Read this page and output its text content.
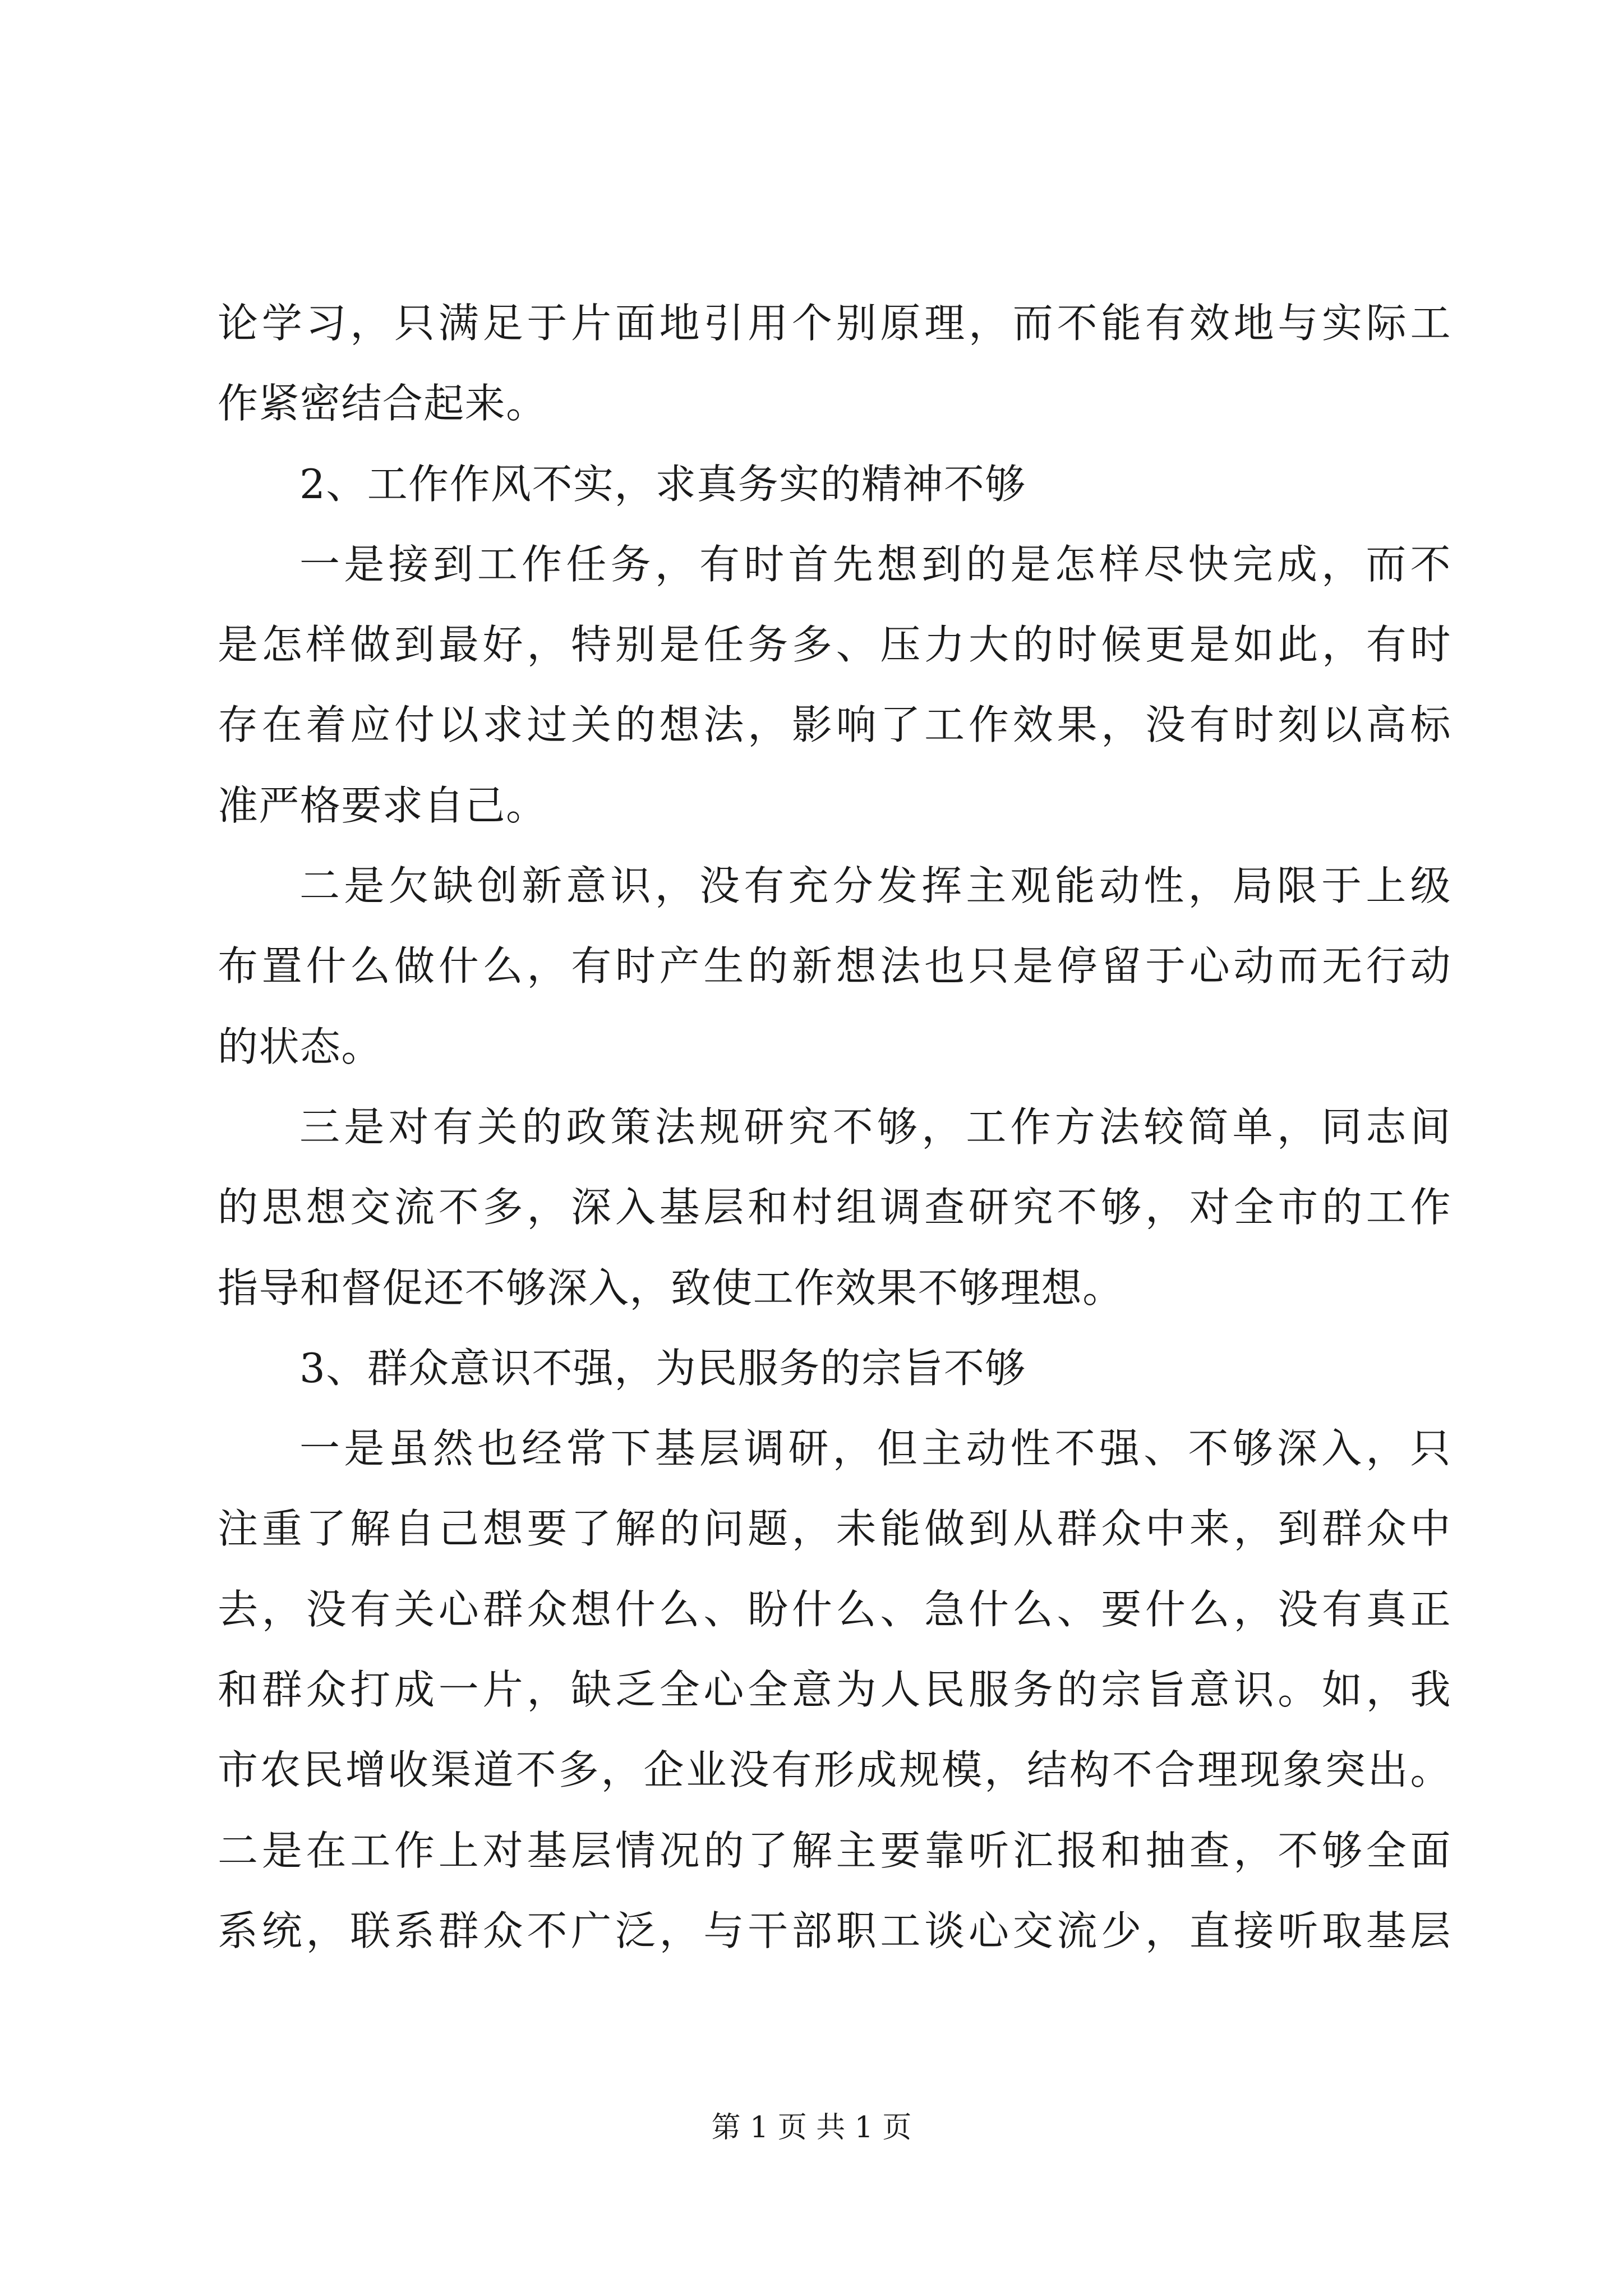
论学习，只满足于片面地引用个别原理，而不能有效地与实际工
作紧密结合起来。
2、工作作风不实，求真务实的精神不够
一是接到工作任务，有时首先想到的是怎样尽快完成，而不
是怎样做到最好，特别是任务多、压力大的时候更是如此，有时
存在着应付以求过关的想法，影响了工作效果，没有时刻以高标
准严格要求自己。
二是欠缺创新意识，没有充分发挥主观能动性，局限于上级
布置什么做什么，有时产生的新想法也只是停留于心动而无行动
的状态。
三是对有关的政策法规研究不够，工作方法较简单，同志间
的思想交流不多，深入基层和村组调查研究不够，对全市的工作
指导和督促还不够深入，致使工作效果不够理想。
3、群众意识不强，为民服务的宗旨不够
一是虽然也经常下基层调研，但主动性不强、不够深入，只
注重了解自己想要了解的问题，未能做到从群众中来，到群众中
去，没有关心群众想什么、盼什么、急什么、要什么，没有真正
和群众打成一片，缺乏全心全意为人民服务的宗旨意识。如，我
市农民增收渠道不多，企业没有形成规模，结构不合理现象突出。
二是在工作上对基层情况的了解主要靠听汇报和抽查，不够全面
系统，联系群众不广泛，与干部职工谈心交流少，直接听取基层
第 1 页 共 1 页
